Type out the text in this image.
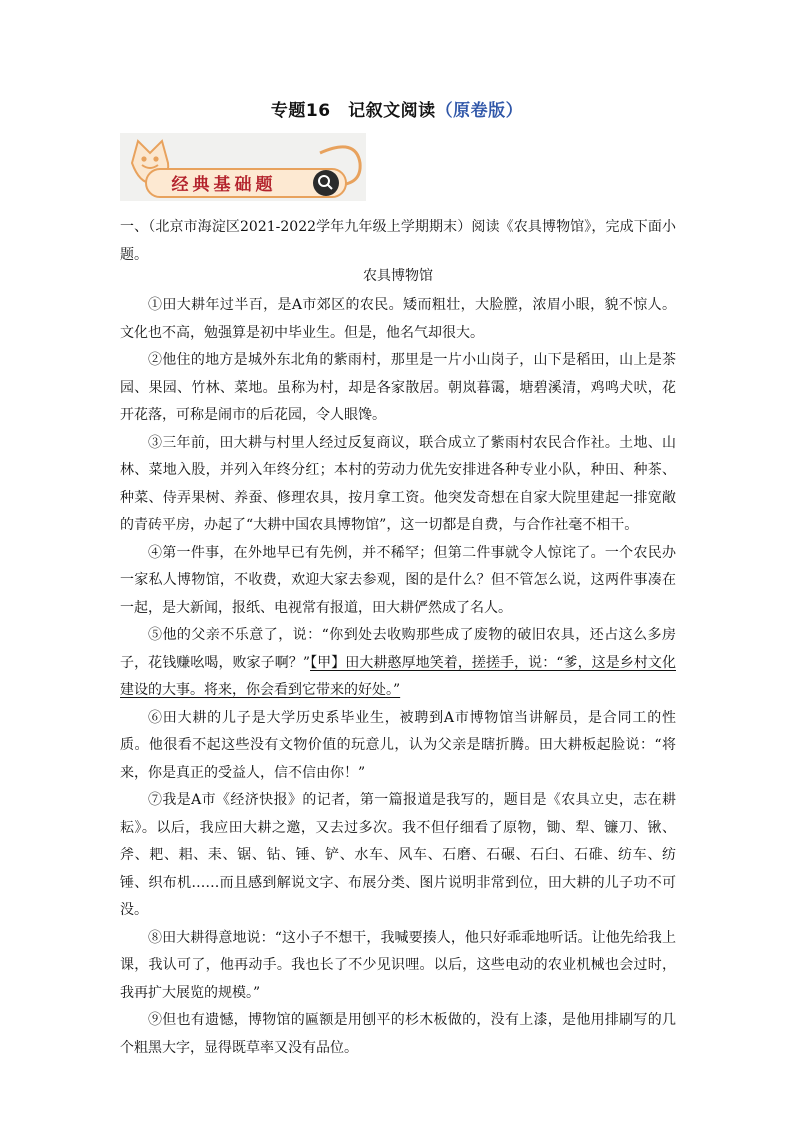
专题16　记叙文阅读（原卷版）
经典基础题
一、（北京市海淀区2021-2022学年九年级上学期期末）阅读《农具博物馆》，完成下面小题。
农具博物馆

①田大耕年过半百，是A市郊区的农民。矮而粗壮，大脸膛，浓眉小眼，貌不惊人。文化也不高，勉强算是初中毕业生。但是，他名气却很大。

②他住的地方是城外东北角的紫雨村，那里是一片小山岗子，山下是稻田，山上是茶园、果园、竹林、菜地。虽称为村，却是各家散居。朝岚暮霭，塘碧溪清，鸡鸣犬吠，花开花落，可称是闹市的后花园，令人眼馋。

③三年前，田大耕与村里人经过反复商议，联合成立了紫雨村农民合作社。土地、山林、菜地入股，并列入年终分红；本村的劳动力优先安排进各种专业小队，种田、种茶、种菜、侍弄果树、养蚕、修理农具，按月拿工资。他突发奇想在自家大院里建起一排宽敞的青砖平房，办起了“大耕中国农具博物馆”，这一切都是自费，与合作社毫不相干。

④第一件事，在外地早已有先例，并不稀罕；但第二件事就令人惊诧了。一个农民办一家私人博物馆，不收费，欢迎大家去参观，图的是什么？但不管怎么说，这两件事凑在一起，是大新闻，报纸、电视常有报道，田大耕俨然成了名人。

⑤他的父亲不乐意了，说：“你到处去收购那些成了废物的破旧农具，还占这么多房子，花钱赚吆喝，败家子啊？”【甲】田大耕憨厚地笑着，搓搓手，说：“爹，这是乡村文化建设的大事。将来，你会看到它带来的好处。”

⑥田大耕的儿子是大学历史系毕业生，被聘到A市博物馆当讲解员，是合同工的性质。他很看不起这些没有文物价值的玩意儿，认为父亲是瞎折腾。田大耕板起脸说：“将来，你是真正的受益人，信不信由你！”

⑦我是A市《经济快报》的记者，第一篇报道是我写的，题目是《农具立史，志在耕耘》。以后，我应田大耕之邀，又去过多次。我不但仔细看了原物，锄、犁、镰刀、锹、斧、耙、耜、耒、锯、钻、锤、铲、水车、风车、石磨、石碾、石臼、石碓、纺车、纺锤、织布机……而且感到解说文字、布展分类、图片说明非常到位，田大耕的儿子功不可没。

⑧田大耕得意地说：“这小子不想干，我喊要揍人，他只好乖乖地听话。让他先给我上课，我认可了，他再动手。我也长了不少见识哩。以后，这些电动的农业机械也会过时，我再扩大展览的规模。”

⑨但也有遗憾，博物馆的匾额是用刨平的杉木板做的，没有上漆，是他用排刷写的几个粗黑大字，显得既草率又没有品位。
